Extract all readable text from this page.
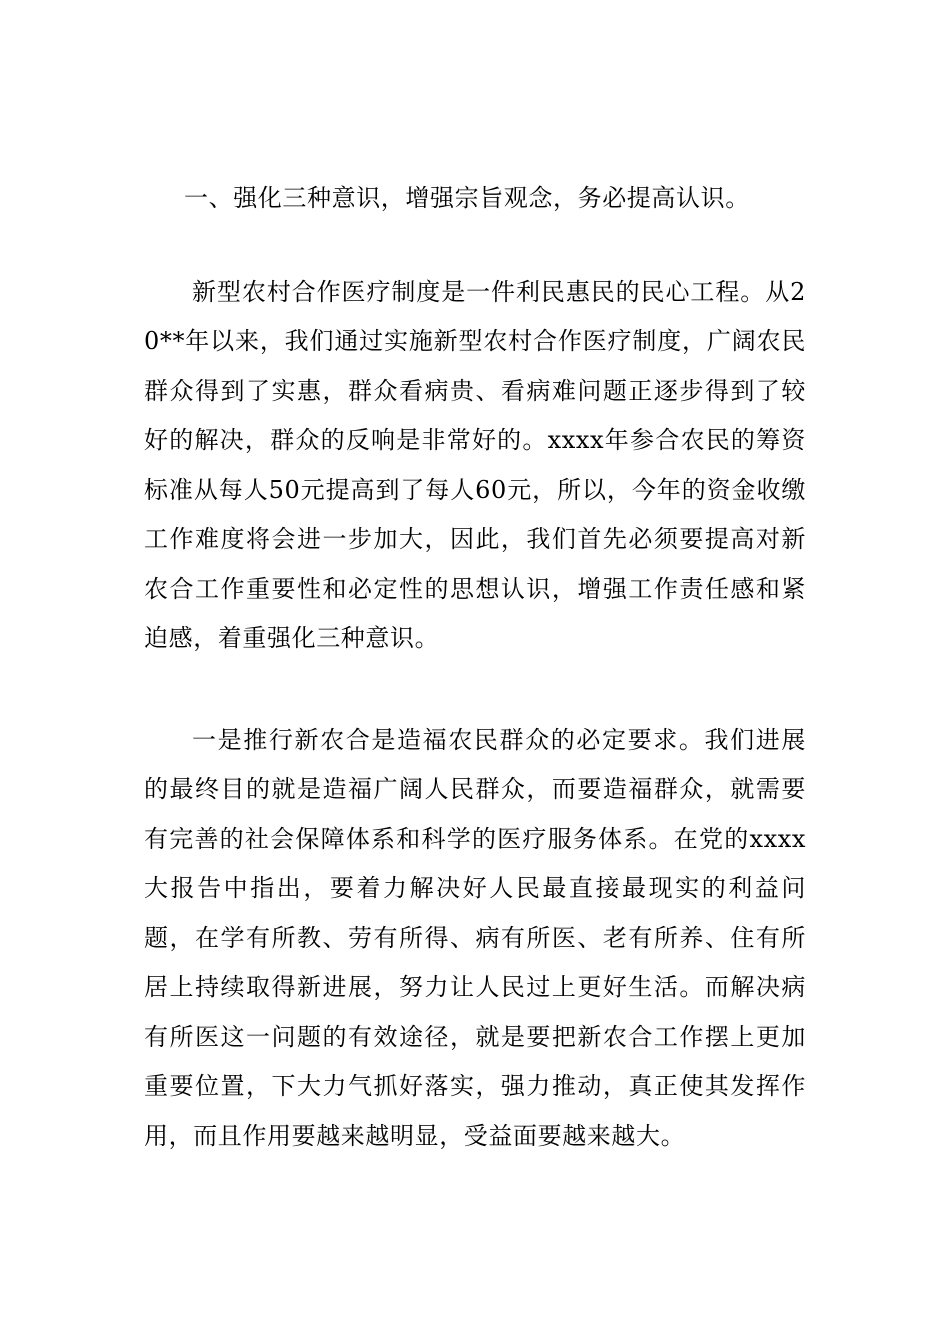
一、强化三种意识，增强宗旨观念，务必提高认识。

新型农村合作医疗制度是一件利民惠民的民心工程。从20**年以来，我们通过实施新型农村合作医疗制度，广阔农民群众得到了实惠，群众看病贵、看病难问题正逐步得到了较好的解决，群众的反响是非常好的。xxxx年参合农民的筹资标准从每人50元提高到了每人60元，所以，今年的资金收缴工作难度将会进一步加大，因此，我们首先必须要提高对新农合工作重要性和必定性的思想认识，增强工作责任感和紧迫感，着重强化三种意识。

一是推行新农合是造福农民群众的必定要求。我们进展的最终目的就是造福广阔人民群众，而要造福群众，就需要有完善的社会保障体系和科学的医疗服务体系。在党的xxxx大报告中指出，要着力解决好人民最直接最现实的利益问题，在学有所教、劳有所得、病有所医、老有所养、住有所居上持续取得新进展，努力让人民过上更好生活。而解决病有所医这一问题的有效途径，就是要把新农合工作摆上更加重要位置，下大力气抓好落实，强力推动，真正使其发挥作用，而且作用要越来越明显，受益面要越来越大。
